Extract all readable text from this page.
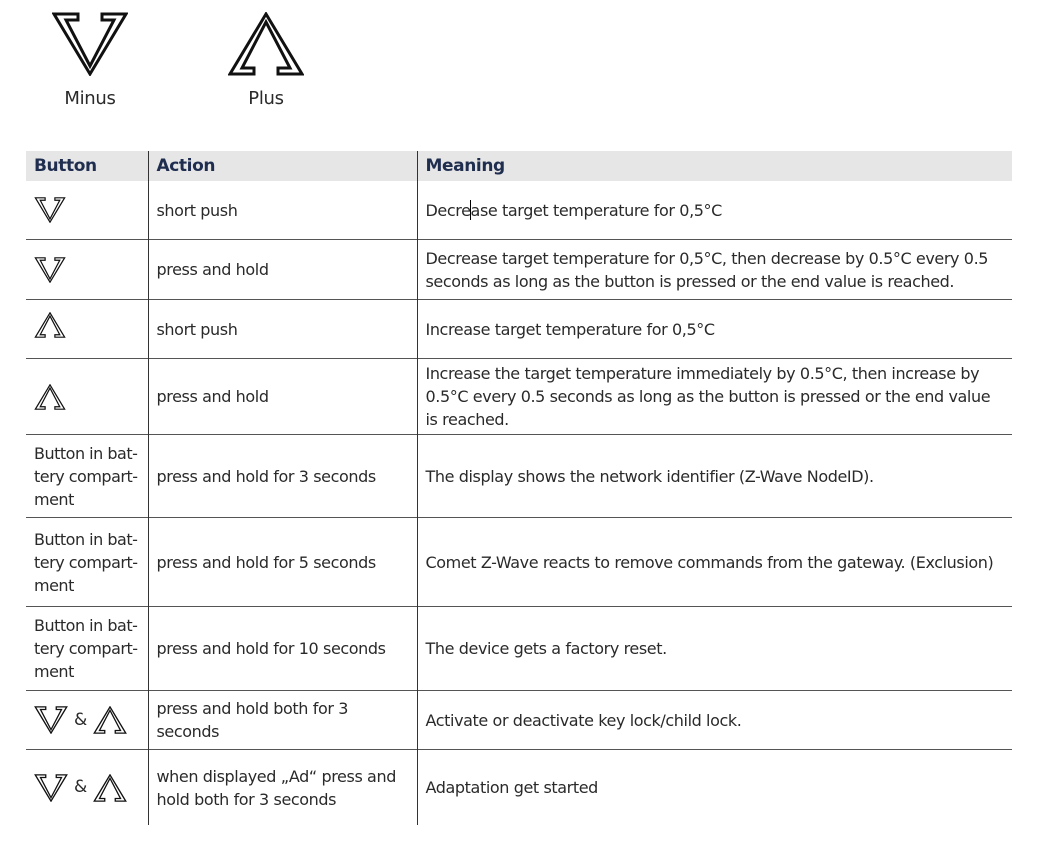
Minus	Plus
Button	Action	Meaning

	short push	Decrease target temperature for 0,5°C

	press and hold	Decrease target temperature for 0,5°C, then decrease by 0.5°C every 0.5 seconds as long as the button is pressed or the end value is reached.

	short push	Increase target temperature for 0,5°C

	press and hold	Increase the target temperature immediately by 0.5°C, then increase by 0.5°C every 0.5 seconds as long as the button is pressed or the end value is reached.
Button in bat-tery compart-ment	press and hold for 3 seconds	The display shows the network identifier (Z-Wave NodeID).
Button in bat-tery compart-ment	press and hold for 5 seconds	Comet Z-Wave reacts to remove commands from the gateway. (Exclusion)
Button in bat-tery compart-ment	press and hold for 10 seconds	The device gets a factory reset.

&	press and hold both for 3 seconds	Activate or deactivate key lock/child lock.

&	when displayed „Ad“ press and hold both for 3 seconds	Adaptation get started
